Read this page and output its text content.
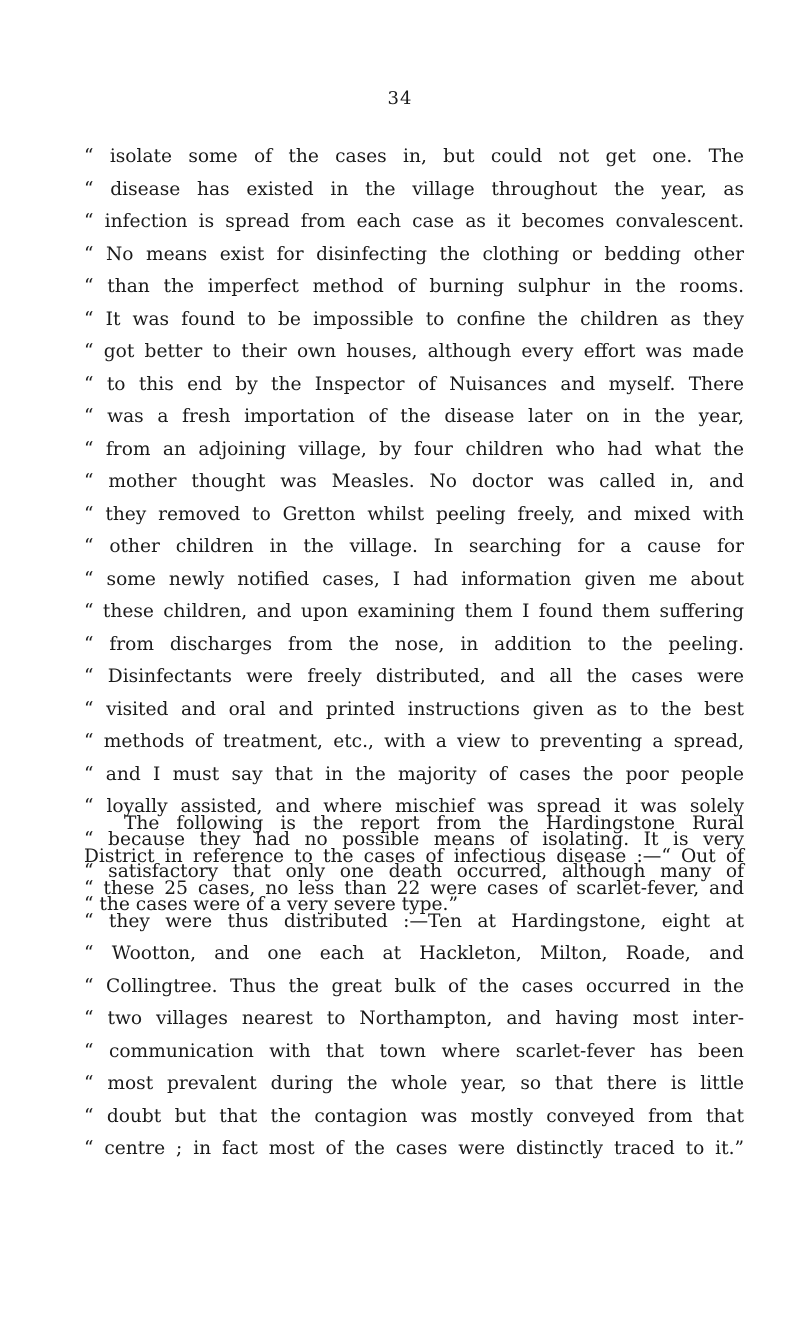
34
“ isolate some of the cases in, but could not get one. The
“ disease has existed in the village throughout the year, as
“ infection is spread from each case as it becomes convalescent.
“ No means exist for disinfecting the clothing or bedding other
“ than the imperfect method of burning sulphur in the rooms.
“ It was found to be impossible to confine the children as they
“ got better to their own houses, although every effort was made
“ to this end by the Inspector of Nuisances and myself. There
“ was a fresh importation of the disease later on in the year,
“ from an adjoining village, by four children who had what the
“ mother thought was Measles. No doctor was called in, and
“ they removed to Gretton whilst peeling freely, and mixed with
“ other children in the village. In searching for a cause for
“ some newly notified cases, I had information given me about
“ these children, and upon examining them I found them suffering
“ from discharges from the nose, in addition to the peeling.
“ Disinfectants were freely distributed, and all the cases were
“ visited and oral and printed instructions given as to the best
“ methods of treatment, etc., with a view to preventing a spread,
“ and I must say that in the majority of cases the poor people
“ loyally assisted, and where mischief was spread it was solely
“ because they had no possible means of isolating. It is very
“ satisfactory that only one death occurred, although many of
“ the cases were of a very severe type.”
The following is the report from the Hardingstone Rural
District in reference to the cases of infectious disease :—“ Out of
“ these 25 cases, no less than 22 were cases of scarlet-fever, and
“ they were thus distributed :—Ten at Hardingstone, eight at
“ Wootton, and one each at Hackleton, Milton, Roade, and
“ Collingtree. Thus the great bulk of the cases occurred in the
“ two villages nearest to Northampton, and having most inter-
“ communication with that town where scarlet-fever has been
“ most prevalent during the whole year, so that there is little
“ doubt but that the contagion was mostly conveyed from that
“ centre ; in fact most of the cases were distinctly traced to it.”
